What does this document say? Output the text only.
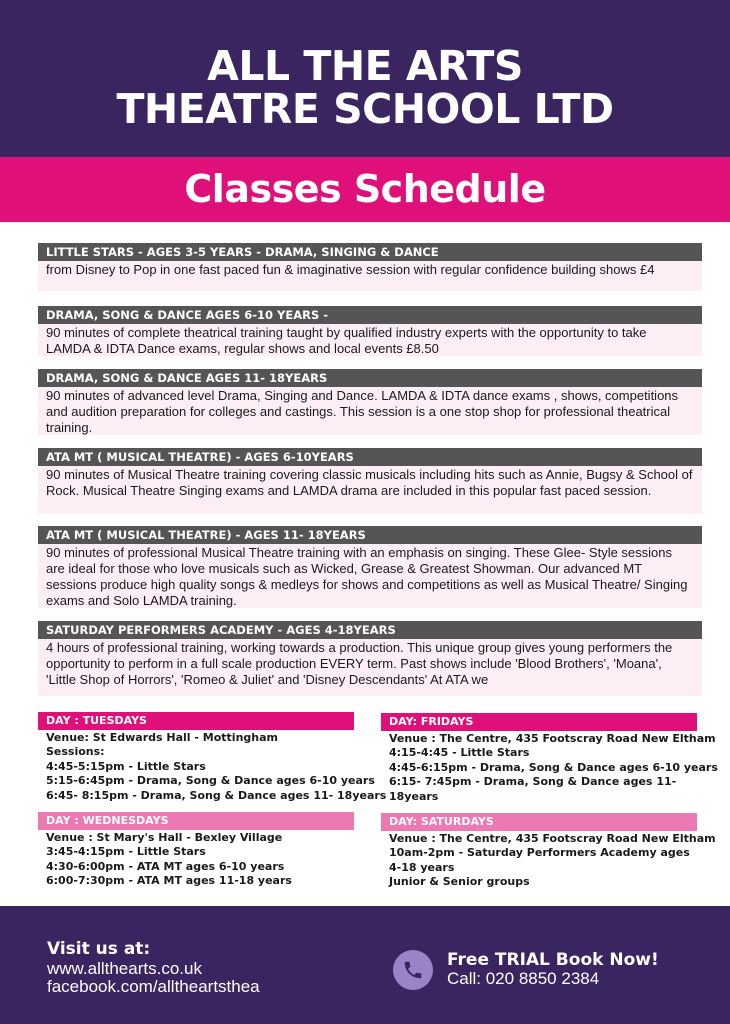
ALL THE ARTS
THEATRE SCHOOL LTD
Classes Schedule
LITTLE STARS - AGES 3-5 YEARS - DRAMA, SINGING & DANCE
from Disney to Pop in one fast paced fun & imaginative session with regular confidence building shows £4
DRAMA, SONG & DANCE AGES 6-10 YEARS -
90 minutes of complete theatrical training taught by qualified industry experts with the opportunity to take LAMDA & IDTA Dance exams, regular shows and local events £8.50
DRAMA, SONG & DANCE AGES 11- 18YEARS
90 minutes of advanced level Drama, Singing and Dance. LAMDA & IDTA dance exams , shows, competitions and audition preparation for colleges and castings. This session is a one stop shop for professional theatrical training.
ATA MT ( MUSICAL THEATRE) - AGES 6-10YEARS
90 minutes of Musical Theatre training covering classic musicals including hits such as Annie, Bugsy & School of Rock. Musical Theatre Singing exams and LAMDA drama are included in this popular fast paced session.
ATA MT ( MUSICAL THEATRE) - AGES 11- 18YEARS
90 minutes of professional Musical Theatre training with an emphasis on singing. These Glee- Style sessions are ideal for those who love musicals such as Wicked, Grease & Greatest Showman. Our advanced MT sessions produce high quality songs & medleys for shows and competitions as well as Musical Theatre/ Singing exams and Solo LAMDA training.
SATURDAY PERFORMERS ACADEMY - AGES 4-18YEARS
4 hours of professional training, working towards a production. This unique group gives young performers the opportunity to perform in a full scale production EVERY term. Past shows include 'Blood Brothers', 'Moana', 'Little Shop of Horrors', 'Romeo & Juliet' and 'Disney Descendants' At ATA we
DAY : TUESDAYS
Venue: St Edwards Hall - Mottingham
Sessions:
4:45-5:15pm - Little Stars
5:15-6:45pm - Drama, Song & Dance ages 6-10 years
6:45- 8:15pm - Drama, Song & Dance ages 11- 18years
DAY : WEDNESDAYS
Venue : St Mary's Hall - Bexley Village
3:45-4:15pm - Little Stars
4:30-6:00pm - ATA MT ages 6-10 years
6:00-7:30pm - ATA MT ages 11-18 years
DAY: FRIDAYS
Venue : The Centre, 435 Footscray Road New Eltham
4:15-4:45 - Little Stars
4:45-6:15pm - Drama, Song & Dance ages 6-10 years
6:15- 7:45pm - Drama, Song & Dance ages 11-
18years
DAY: SATURDAYS
Venue : The Centre, 435 Footscray Road New Eltham
10am-2pm - Saturday Performers Academy ages
4-18 years
Junior & Senior groups
Visit us at:
www.allthearts.co.uk
facebook.com/alltheartsthea
Free TRIAL Book Now!
Call: 020 8850 2384
